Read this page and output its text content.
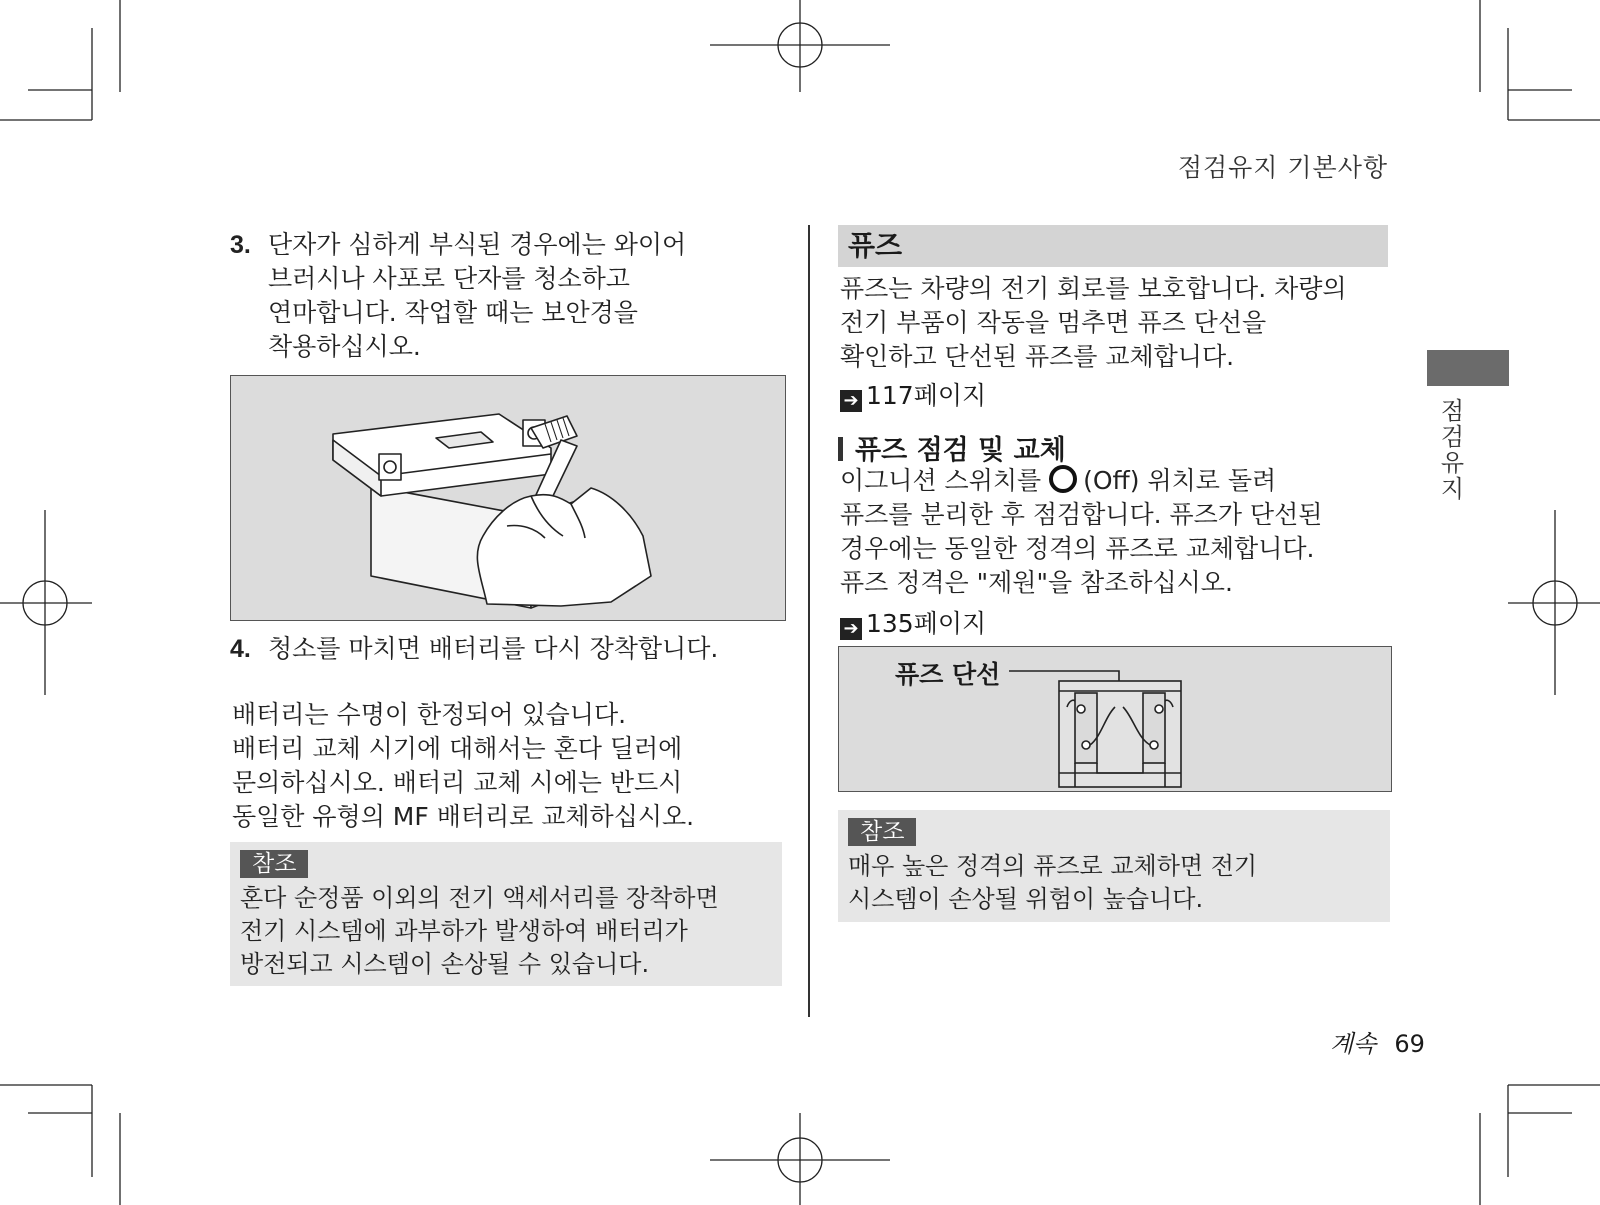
점검유지 기본사항
3. 단자가 심하게 부식된 경우에는 와이어
브러시나 사포로 단자를 청소하고
연마합니다. 작업할 때는 보안경을
착용하십시오.
4. 청소를 마치면 배터리를 다시 장착합니다.
배터리는 수명이 한정되어 있습니다.
배터리 교체 시기에 대해서는 혼다 딜러에
문의하십시오. 배터리 교체 시에는 반드시
동일한 유형의 MF 배터리로 교체하십시오.
참조
혼다 순정품 이외의 전기 액세서리를 장착하면
전기 시스템에 과부하가 발생하여 배터리가
방전되고 시스템이 손상될 수 있습니다.
퓨즈
퓨즈는 차량의 전기 회로를 보호합니다. 차량의
전기 부품이 작동을 멈추면 퓨즈 단선을
확인하고 단선된 퓨즈를 교체합니다.
➔ 117페이지
퓨즈 점검 및 교체
이그니션 스위치를 (Off) 위치로 돌려
퓨즈를 분리한 후 점검합니다. 퓨즈가 단선된
경우에는 동일한 정격의 퓨즈로 교체합니다.
퓨즈 정격은 "제원"을 참조하십시오.
➔ 135페이지
퓨즈 단선
참조
매우 높은 정격의 퓨즈로 교체하면 전기
시스템이 손상될 위험이 높습니다.
점검유지
계속 69
